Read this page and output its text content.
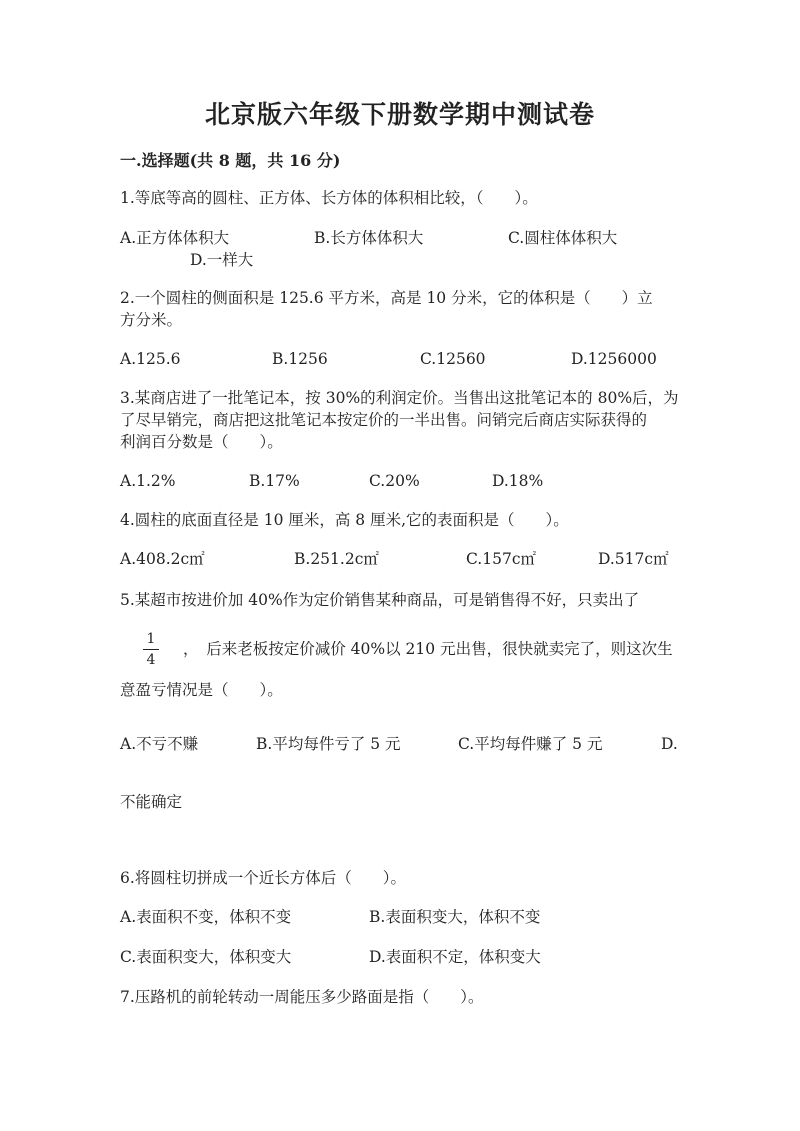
北京版六年级下册数学期中测试卷
一.选择题(共 8 题，共 16 分)
1.等底等高的圆柱、正方体、长方体的体积相比较，（　　）。
A.正方体体积大	B.长方体体积大	C.圆柱体体积大
D.一样大
2.一个圆柱的侧面积是 125.6 平方米，高是 10 分米，它的体积是（　　）立
方分米。
A.125.6	B.1256	C.12560	D.1256000
3.某商店进了一批笔记本，按 30%的利润定价。当售出这批笔记本的 80%后，为
了尽早销完，商店把这批笔记本按定价的一半出售。问销完后商店实际获得的
利润百分数是（　　）。
A.1.2%	B.17%	C.20%	D.18%
4.圆柱的底面直径是 10 厘米，高 8 厘米,它的表面积是（　　）。
A.408.2c㎡	B.251.2c㎡	C.157c㎡	D.517c㎡
5.某超市按进价加 40%作为定价销售某种商品，可是销售得不好，只卖出了
1
4
，　后来老板按定价减价 40%以 210 元出售，很快就卖完了，则这次生
意盈亏情况是（　　）。
A.不亏不赚	B.平均每件亏了 5 元	C.平均每件赚了 5 元	D.
不能确定
6.将圆柱切拼成一个近长方体后（　　）。
A.表面积不变，体积不变	B.表面积变大，体积不变
C.表面积变大，体积变大	D.表面积不定，体积变大
7.压路机的前轮转动一周能压多少路面是指（　　）。
